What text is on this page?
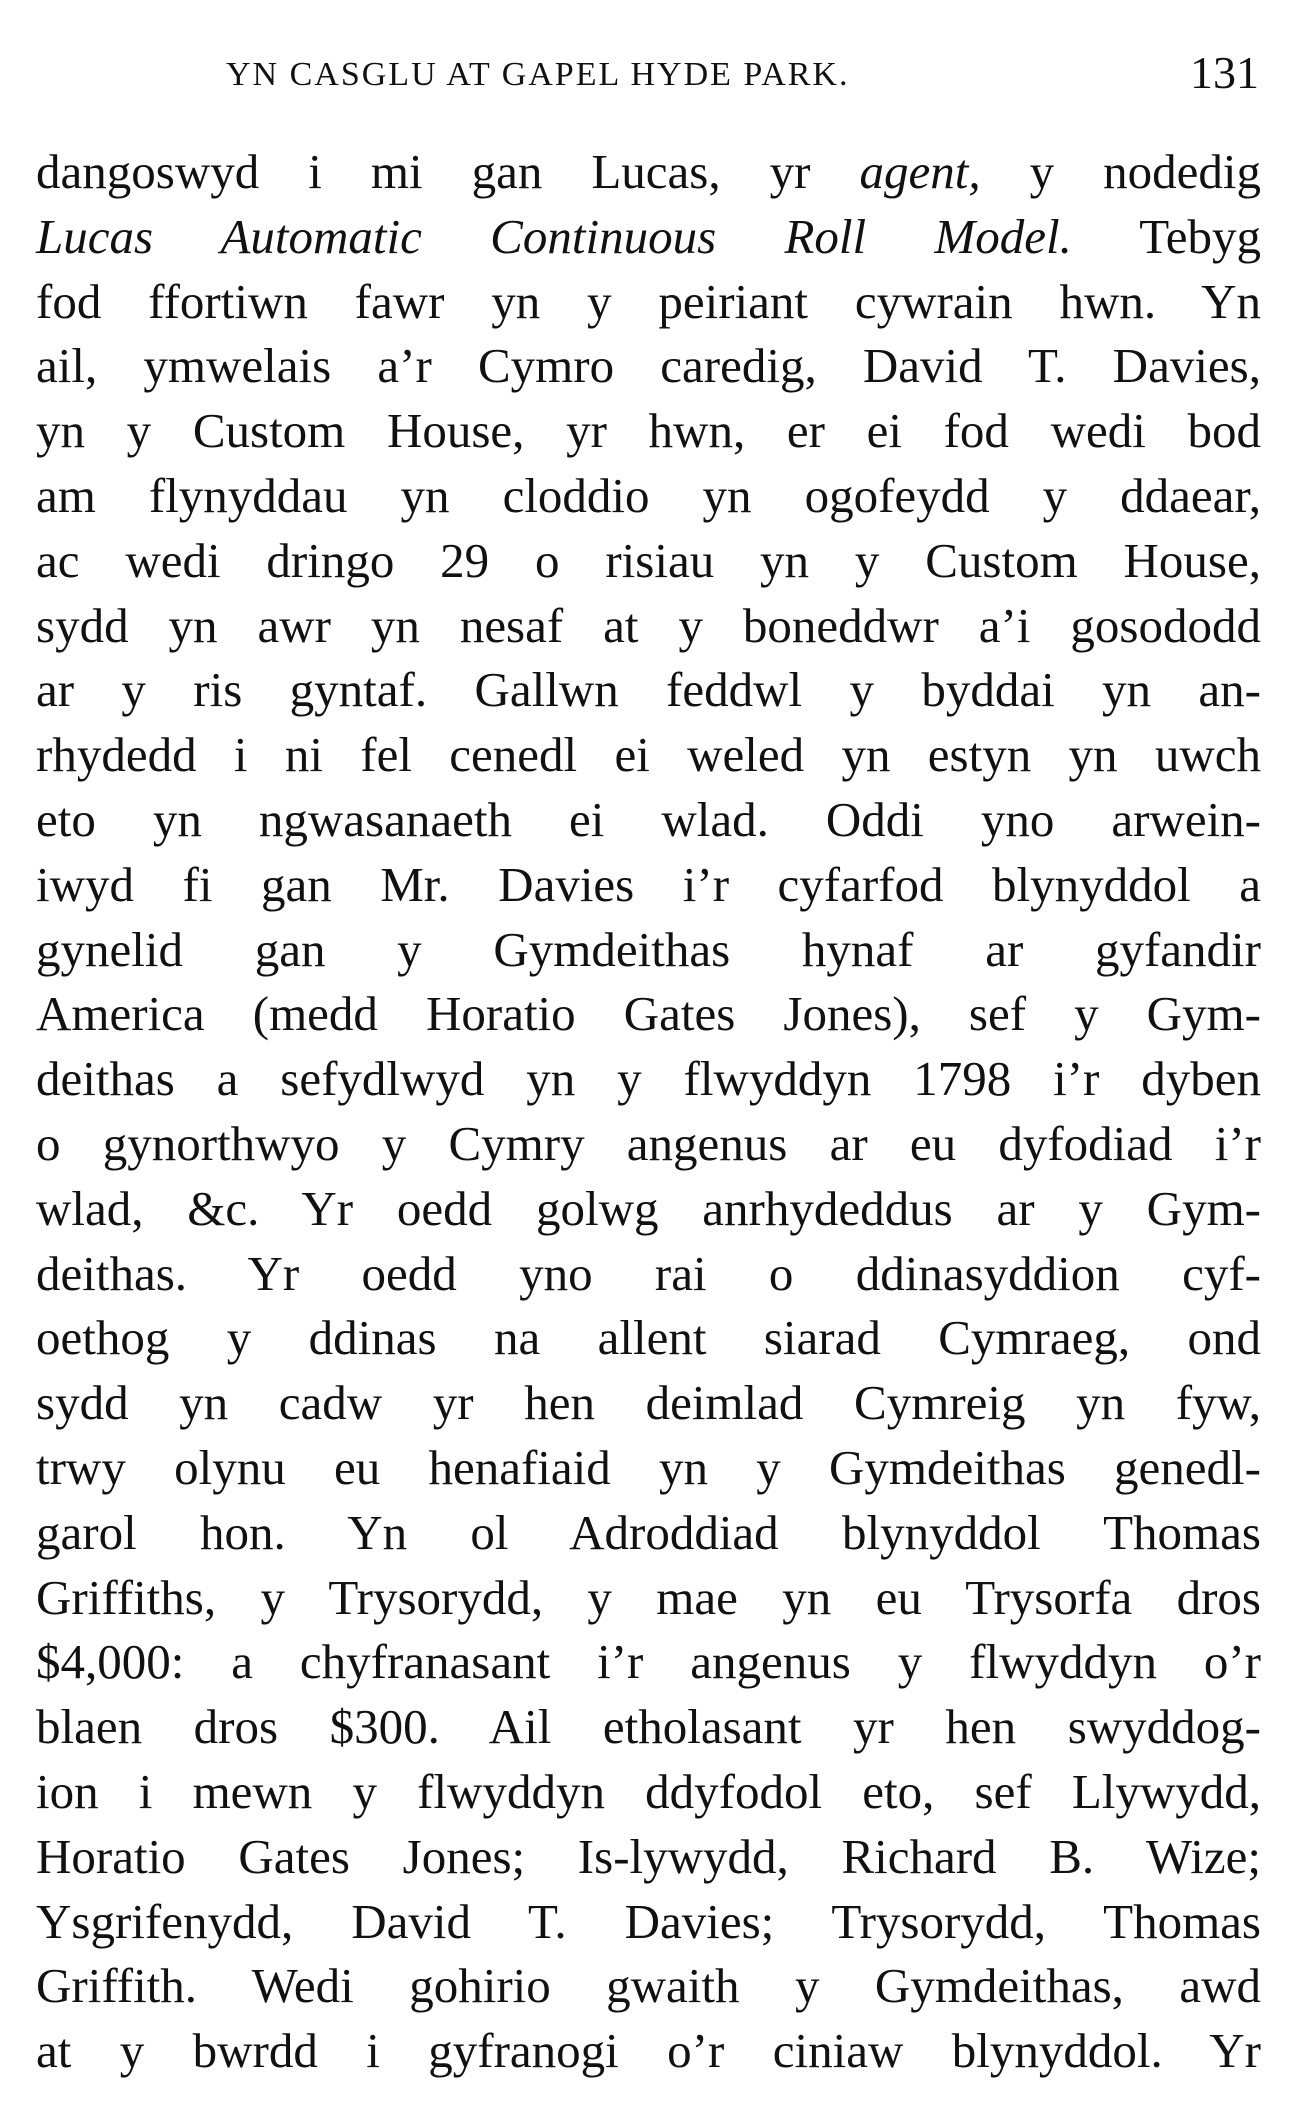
YN CASGLU AT GAPEL HYDE PARK.	131
dangoswyd i mi gan Lucas, yr agent, y nodedig
Lucas Automatic Continuous Roll Model. Tebyg
fod ffortiwn fawr yn y peiriant cywrain hwn. Yn
ail, ymwelais a’r Cymro caredig, David T. Davies,
yn y Custom House, yr hwn, er ei fod wedi bod
am flynyddau yn cloddio yn ogofeydd y ddaear,
ac wedi dringo 29 o risiau yn y Custom House,
sydd yn awr yn nesaf at y boneddwr a’i gosododd
ar y ris gyntaf. Gallwn feddwl y byddai yn an-
rhydedd i ni fel cenedl ei weled yn estyn yn uwch
eto yn ngwasanaeth ei wlad. Oddi yno arwein-
iwyd fi gan Mr. Davies i’r cyfarfod blynyddol a
gynelid gan y Gymdeithas hynaf ar gyfandir
America (medd Horatio Gates Jones), sef y Gym-
deithas a sefydlwyd yn y flwyddyn 1798 i’r dyben
o gynorthwyo y Cymry angenus ar eu dyfodiad i’r
wlad, &c. Yr oedd golwg anrhydeddus ar y Gym-
deithas. Yr oedd yno rai o ddinasyddion cyf-
oethog y ddinas na allent siarad Cymraeg, ond
sydd yn cadw yr hen deimlad Cymreig yn fyw,
trwy olynu eu henafiaid yn y Gymdeithas genedl-
garol hon. Yn ol Adroddiad blynyddol Thomas
Griffiths, y Trysorydd, y mae yn eu Trysorfa dros
$4,000: a chyfranasant i’r angenus y flwyddyn o’r
blaen dros $300. Ail etholasant yr hen swyddog-
ion i mewn y flwyddyn ddyfodol eto, sef Llywydd,
Horatio Gates Jones; Is-lywydd, Richard B. Wize;
Ysgrifenydd, David T. Davies; Trysorydd, Thomas
Griffith. Wedi gohirio gwaith y Gymdeithas, awd
at y bwrdd i gyfranogi o’r ciniaw blynyddol. Yr
